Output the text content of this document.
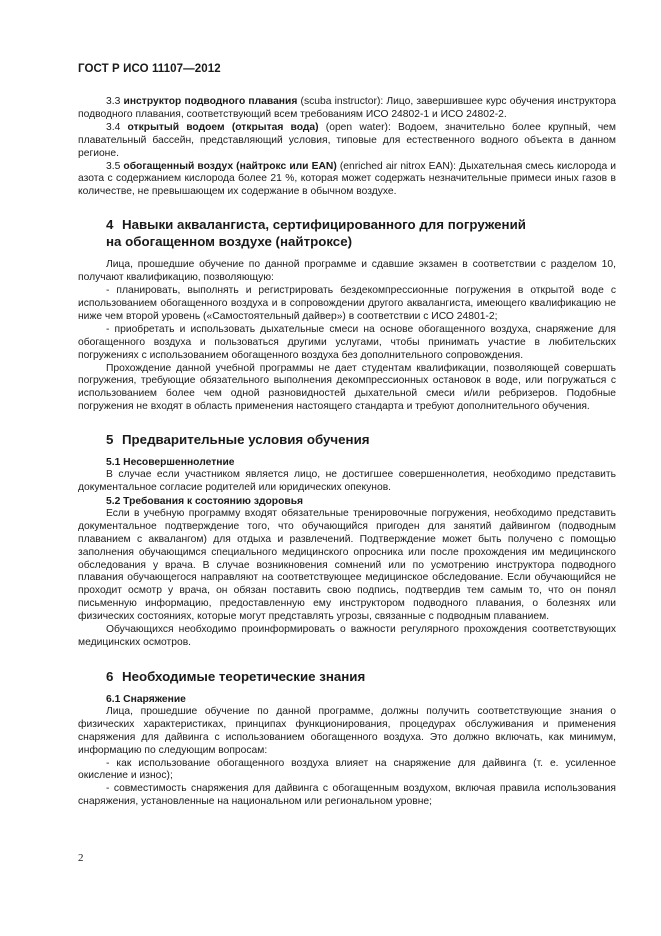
ГОСТ Р ИСО 11107—2012

3.3 инструктор подводного плавания (scuba instructor): Лицо, завершившее курс обучения инструктора подводного плавания, соответствующий всем требованиям ИСО 24802-1 и ИСО 24802-2.

3.4 открытый водоем (открытая вода) (open water): Водоем, значительно более крупный, чем плавательный бассейн, представляющий условия, типовые для естественного водного объекта в данном регионе.

3.5 обогащенный воздух (найтрокс или EAN) (enriched air nitrox EAN): Дыхательная смесь кислорода и азота с содержанием кислорода более 21 %, которая может содержать незначительные примеси иных газов в количестве, не превышающем их содержание в обычном воздухе.

4 Навыки аквалангиста, сертифицированного для погружений
на обогащенном воздухе (найтроксе)

Лица, прошедшие обучение по данной программе и сдавшие экзамен в соответствии с разделом 10, получают квалификацию, позволяющую:

- планировать, выполнять и регистрировать бездекомпрессионные погружения в открытой воде с использованием обогащенного воздуха и в сопровождении другого аквалангиста, имеющего квалификацию не ниже чем второй уровень («Самостоятельный дайвер») в соответствии с ИСО 24801-2;

- приобретать и использовать дыхательные смеси на основе обогащенного воздуха, снаряжение для обогащенного воздуха и пользоваться другими услугами, чтобы принимать участие в любительских погружениях с использованием обогащенного воздуха без дополнительного сопровождения.

Прохождение данной учебной программы не дает студентам квалификации, позволяющей совершать погружения, требующие обязательного выполнения декомпрессионных остановок в воде, или погружаться с использованием более чем одной разновидностей дыхательной смеси и/или ребризеров. Подобные погружения не входят в область применения настоящего стандарта и требуют дополнительного обучения.

5 Предварительные условия обучения
5.1 Несовершеннолетние

В случае если участником является лицо, не достигшее совершеннолетия, необходимо представить документальное согласие родителей или юридических опекунов.

5.2 Требования к состоянию здоровья

Если в учебную программу входят обязательные тренировочные погружения, необходимо представить документальное подтверждение того, что обучающийся пригоден для занятий дайвингом (подводным плаванием с аквалангом) для отдыха и развлечений. Подтверждение может быть получено с помощью заполнения обучающимся специального медицинского опросника или после прохождения им медицинского обследования у врача. В случае возникновения сомнений или по усмотрению инструктора подводного плавания обучающегося направляют на соответствующее медицинское обследование. Если обучающийся не проходит осмотр у врача, он обязан поставить свою подпись, подтвердив тем самым то, что он понял письменную информацию, предоставленную ему инструктором подводного плавания, о болезнях или физических состояниях, которые могут представлять угрозы, связанные с подводным плаванием.

Обучающихся необходимо проинформировать о важности регулярного прохождения соответствующих медицинских осмотров.

6 Необходимые теоретические знания
6.1 Снаряжение

Лица, прошедшие обучение по данной программе, должны получить соответствующие знания о физических характеристиках, принципах функционирования, процедурах обслуживания и применения снаряжения для дайвинга с использованием обогащенного воздуха. Это должно включать, как минимум, информацию по следующим вопросам:

- как использование обогащенного воздуха влияет на снаряжение для дайвинга (т. е. усиленное окисление и износ);

- совместимость снаряжения для дайвинга с обогащенным воздухом, включая правила использования снаряжения, установленные на национальном или региональном уровне;

2
